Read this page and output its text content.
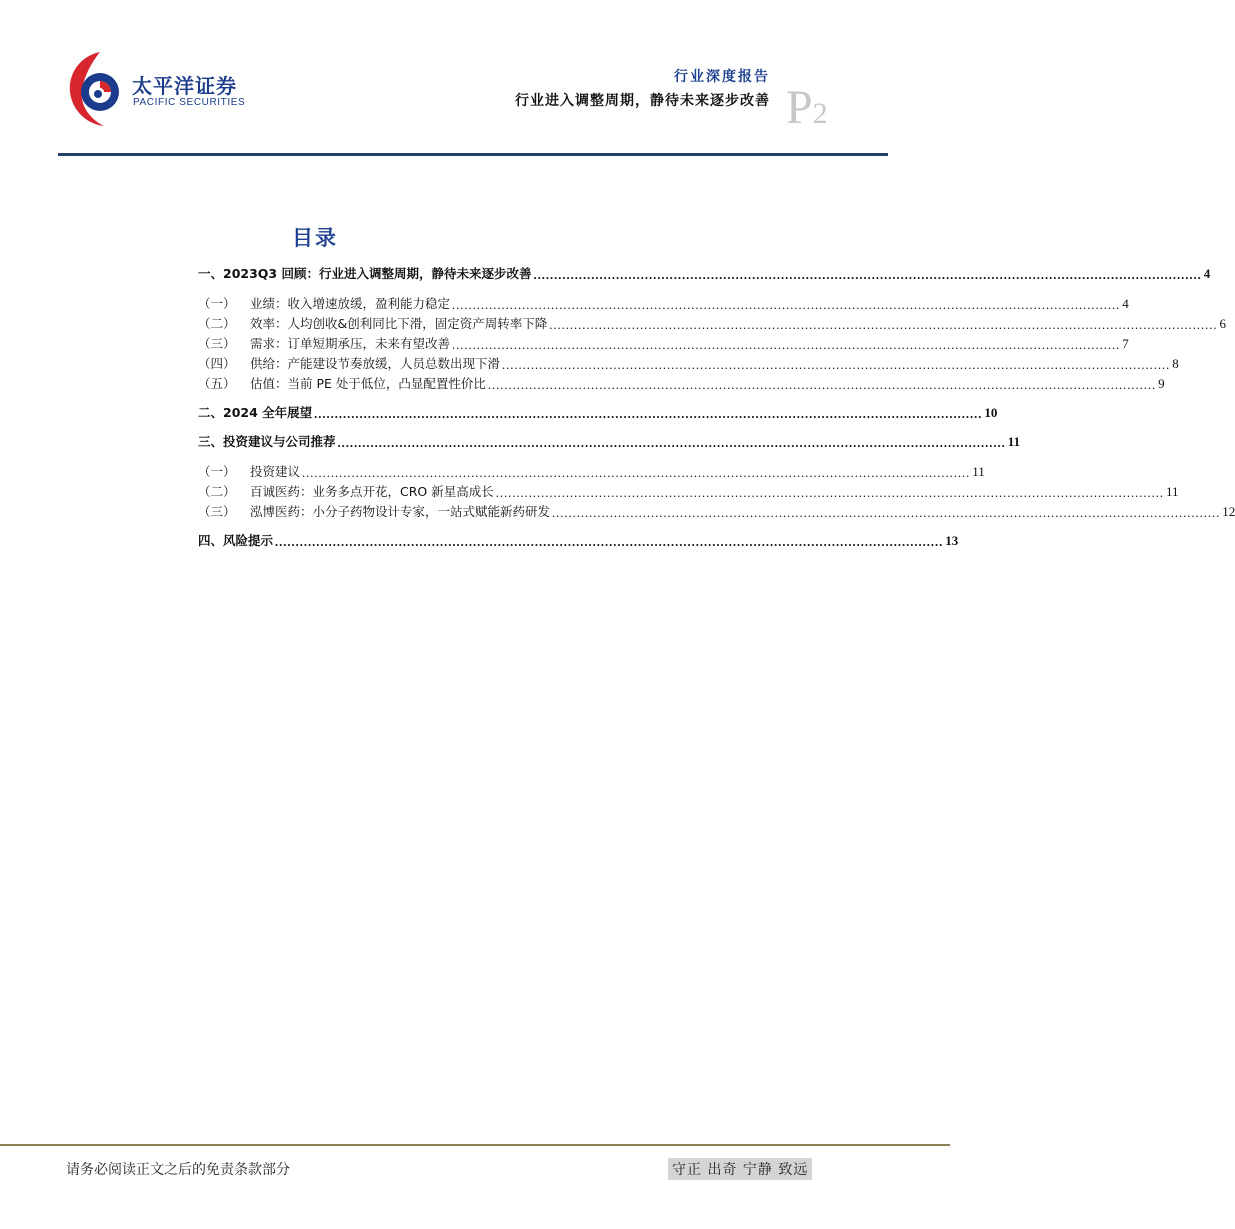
太平洋证券
PACIFIC SECURITIES
行业深度报告
行业进入调整周期，静待未来逐步改善 P2
目录
一、 2023Q3 回顾：行业进入调整周期，静待未来逐步改善 .................................................................................................................................................................. 4
（一）	业绩：收入增速放缓，盈利能力稳定 .................................................................................................................................................................. 4
（二）	效率：人均创收&创利同比下滑，固定资产周转率下降 .................................................................................................................................................................. 6
（三）	需求：订单短期承压，未来有望改善 .................................................................................................................................................................. 7
（四）	供给：产能建设节奏放缓，人员总数出现下滑 .................................................................................................................................................................. 8
（五）	估值：当前 PE 处于低位，凸显配置性价比 .................................................................................................................................................................. 9
二、 2024 全年展望 .................................................................................................................................................................. 10
三、 投资建议与公司推荐 .................................................................................................................................................................. 11
（一）	投资建议 .................................................................................................................................................................. 11
（二）	百诚医药：业务多点开花，CRO 新星高成长 .................................................................................................................................................................. 11
（三）	泓博医药：小分子药物设计专家，一站式赋能新药研发 .................................................................................................................................................................. 12
四、 风险提示 .................................................................................................................................................................. 13
请务必阅读正文之后的免责条款部分	守正 出奇 宁静 致远
